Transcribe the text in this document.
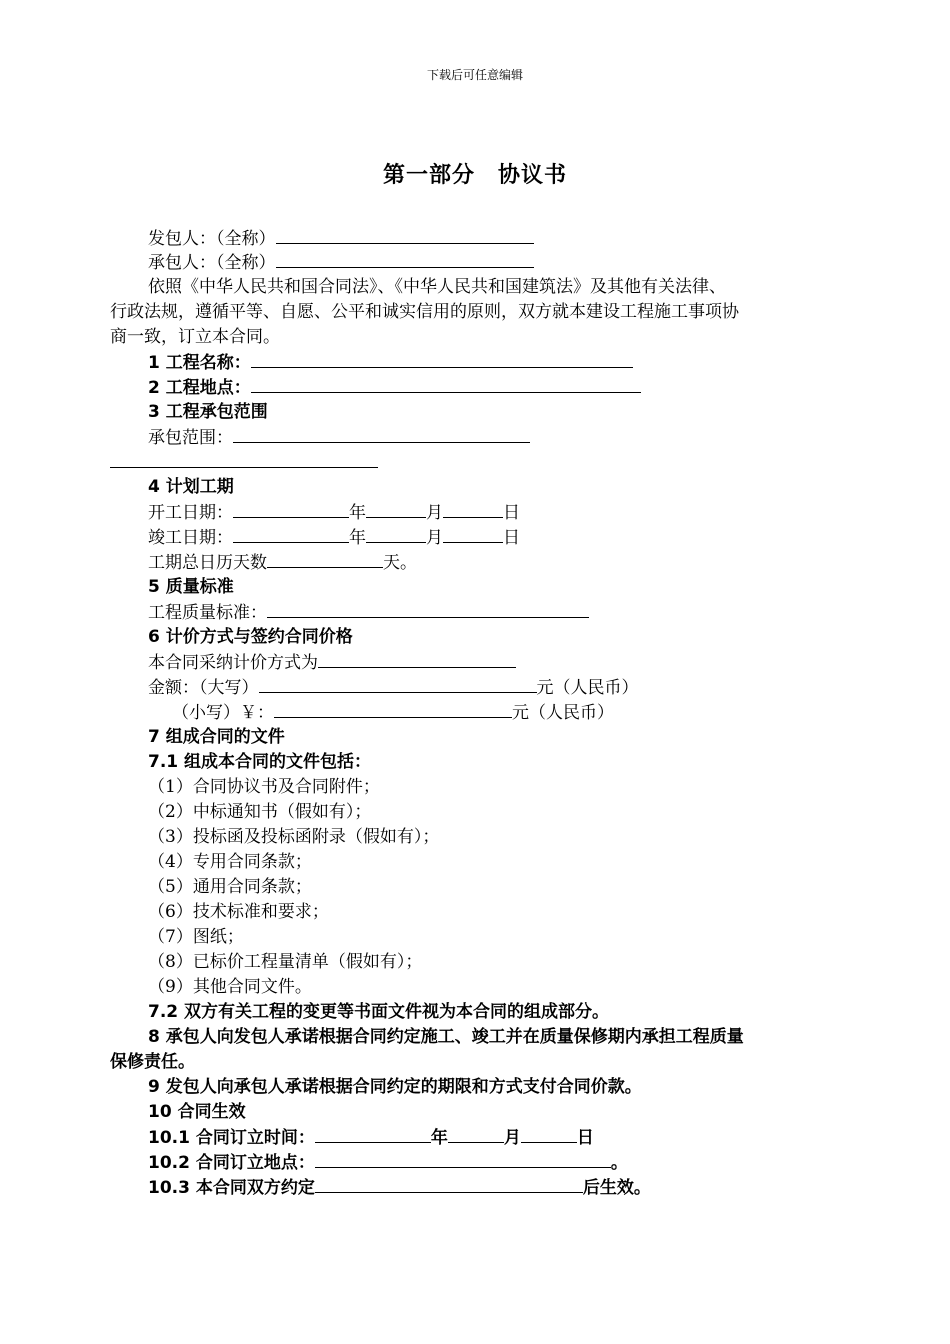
下载后可任意编辑
第一部分　协议书
发包人：（全称）
承包人：（全称）
依照《中华人民共和国合同法》、《中华人民共和国建筑法》及其他有关法律、
行政法规，遵循平等、自愿、公平和诚实信用的原则，双方就本建设工程施工事项协
商一致，订立本合同。
1 工程名称：
2 工程地点：
3 工程承包范围
承包范围：
4 计划工期
开工日期：	年	月	日
竣工日期：	年	月	日
工期总日历天数	天。
5 质量标准
工程质量标准：
6 计价方式与签约合同价格
本合同采纳计价方式为
金额：（大写）	元（人民币）
（小写）￥：	元（人民币）
7 组成合同的文件
7.1 组成本合同的文件包括：
（1）合同协议书及合同附件；
（2）中标通知书（假如有）；
（3）投标函及投标函附录（假如有）；
（4）专用合同条款；
（5）通用合同条款；
（6）技术标准和要求；
（7）图纸；
（8）已标价工程量清单（假如有）；
（9）其他合同文件。
7.2 双方有关工程的变更等书面文件视为本合同的组成部分。
8 承包人向发包人承诺根据合同约定施工、竣工并在质量保修期内承担工程质量
保修责任。
9 发包人向承包人承诺根据合同约定的期限和方式支付合同价款。
10 合同生效
10.1 合同订立时间：	年	月	日
10.2 合同订立地点：	。
10.3 本合同双方约定	后生效。
